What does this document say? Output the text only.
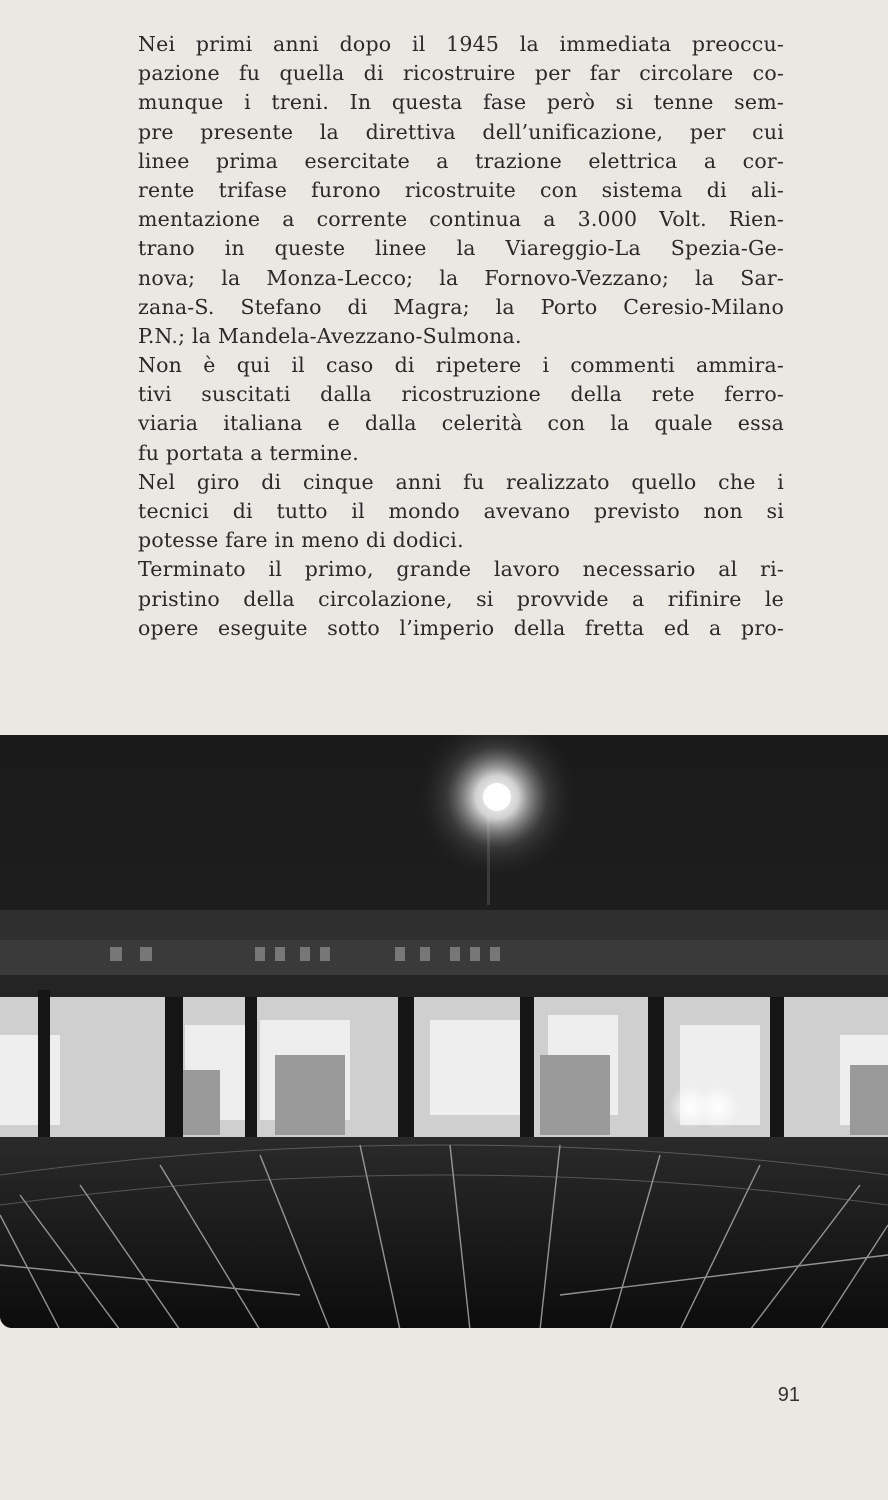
Nei primi anni dopo il 1945 la immediata preoccu-
pazione fu quella di ricostruire per far circolare co-
munque i treni. In questa fase però si tenne sem-
pre presente la direttiva dell’unificazione, per cui
linee prima esercitate a trazione elettrica a cor-
rente trifase furono ricostruite con sistema di ali-
mentazione a corrente continua a 3.000 Volt. Rien-
trano in queste linee la Viareggio-La Spezia-Ge-
nova; la Monza-Lecco; la Fornovo-Vezzano; la Sar-
zana-S. Stefano di Magra; la Porto Ceresio-Milano
P.N.; la Mandela-Avezzano-Sulmona.
Non è qui il caso di ripetere i commenti ammira-
tivi suscitati dalla ricostruzione della rete ferro-
viaria italiana e dalla celerità con la quale essa
fu portata a termine.
Nel giro di cinque anni fu realizzato quello che i
tecnici di tutto il mondo avevano previsto non si
potesse fare in meno di dodici.
Terminato il primo, grande lavoro necessario al ri-
pristino della circolazione, si provvide a rifinire le
opere eseguite sotto l’imperio della fretta ed a pro-
91
